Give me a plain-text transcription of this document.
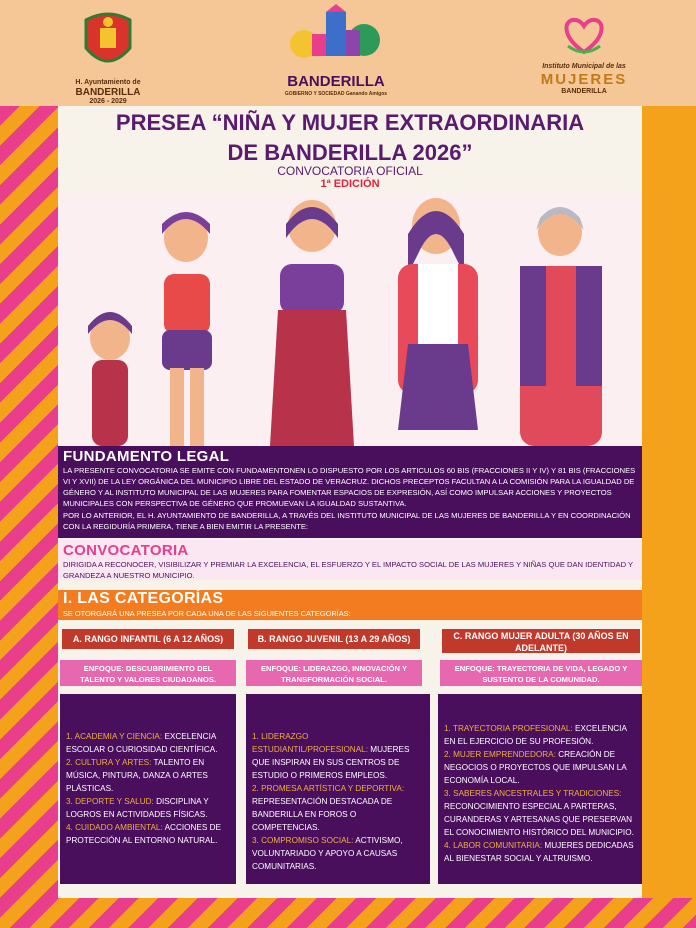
H. Ayuntamiento de
BANDERILLA
2026 - 2029
BANDERILLA
GOBIERNO Y SOCIEDAD Ganando Amigos
Instituto Municipal de las
MUJERES
BANDERILLA
PRESEA “NIÑA Y MUJER EXTRAORDINARIA
DE BANDERILLA 2026”
CONVOCATORIA OFICIAL
1ª EDICIÓN
FUNDAMENTO LEGAL
LA PRESENTE CONVOCATORIA SE EMITE CON FUNDAMENTONEN LO DISPUESTO POR LOS ARTICULOS 60 BIS (FRACCIONES II Y IV) Y 81 BIS (FRACCIONES VI Y XVII) DE LA LEY ORGÁNICA DEL MUNICIPIO LIBRE DEL ESTADO DE VERACRUZ. DICHOS PRECEPTOS FACULTAN A LA COMISIÓN PARA LA IGUALDAD DE GÉNERO Y AL INSTITUTO MUNICIPAL DE LAS MUJERES PARA FOMENTAR ESPACIOS DE EXPRESIÓN, ASÍ COMO IMPULSAR ACCIONES Y PROYECTOS MUNICIPALES CON PERSPECTIVA DE GÉNERO QUE PROMUEVAN LA IGUALDAD SUSTANTIVA.
POR LO ANTERIOR, EL H. AYUNTAMIENTO DE BANDERILLA, A TRAVÉS DEL INSTITUTO MUNICIPAL DE LAS MUJERES DE BANDERILLA Y EN COORDINACIÓN CON LA REGIDURÍA PRIMERA, TIENE A BIEN EMITIR LA PRESENTE:
CONVOCATORIA
DIRIGIDA A RECONOCER, VISIBILIZAR Y PREMIAR LA EXCELENCIA, EL ESFUERZO Y EL IMPACTO SOCIAL DE LAS MUJERES Y NIÑAS QUE DAN IDENTIDAD Y GRANDEZA A NUESTRO MUNICIPIO.
I. LAS CATEGORÍAS
SE OTORGARÁ UNA PRESEA POR CADA UNA DE LAS SIGUIENTES CATEGORÍAS:
A. RANGO INFANTIL (6 A 12 AÑOS)	B. RANGO JUVENIL (13 A 29 AÑOS)	C. RANGO MUJER ADULTA (30 AÑOS EN ADELANTE)
ENFOQUE: DESCUBRIMIENTO DEL TALENTO Y VALORES CIUDADANOS.
ENFOQUE: LIDERAZGO, INNOVACIÓN Y TRANSFORMACIÓN SOCIAL.
ENFOQUE: TRAYECTORIA DE VIDA, LEGADO Y SUSTENTO DE LA COMUNIDAD.

1. ACADEMIA Y CIENCIA: EXCELENCIA ESCOLAR O CURIOSIDAD CIENTÍFICA.

2. CULTURA Y ARTES: TALENTO EN MÚSICA, PINTURA, DANZA O ARTES PLÁSTICAS.

3. DEPORTE Y SALUD: DISCIPLINA Y LOGROS EN ACTIVIDADES FÍSICAS.

4. CUIDADO AMBIENTAL: ACCIONES DE PROTECCIÓN AL ENTORNO NATURAL.

1. LIDERAZGO ESTUDIANTIL/PROFESIONAL: MUJERES QUE INSPIRAN EN SUS CENTROS DE ESTUDIO O PRIMEROS EMPLEOS.

2. PROMESA ARTÍSTICA Y DEPORTIVA: REPRESENTACIÓN DESTACADA DE BANDERILLA EN FOROS O COMPETENCIAS.

3. COMPROMISO SOCIAL: ACTIVISMO, VOLUNTARIADO Y APOYO A CAUSAS COMUNITARIAS.

1. TRAYECTORIA PROFESIONAL: EXCELENCIA EN EL EJERCICIO DE SU PROFESIÓN.

2. MUJER EMPRENDEDORA: CREACIÓN DE NEGOCIOS O PROYECTOS QUE IMPULSAN LA ECONOMÍA LOCAL.

3. SABERES ANCESTRALES Y TRADICIONES: RECONOCIMIENTO ESPECIAL A PARTERAS, CURANDERAS Y ARTESANAS QUE PRESERVAN EL CONOCIMIENTO HISTÓRICO DEL MUNICIPIO.

4. LABOR COMUNITARIA: MUJERES DEDICADAS AL BIENESTAR SOCIAL Y ALTRUISMO.
